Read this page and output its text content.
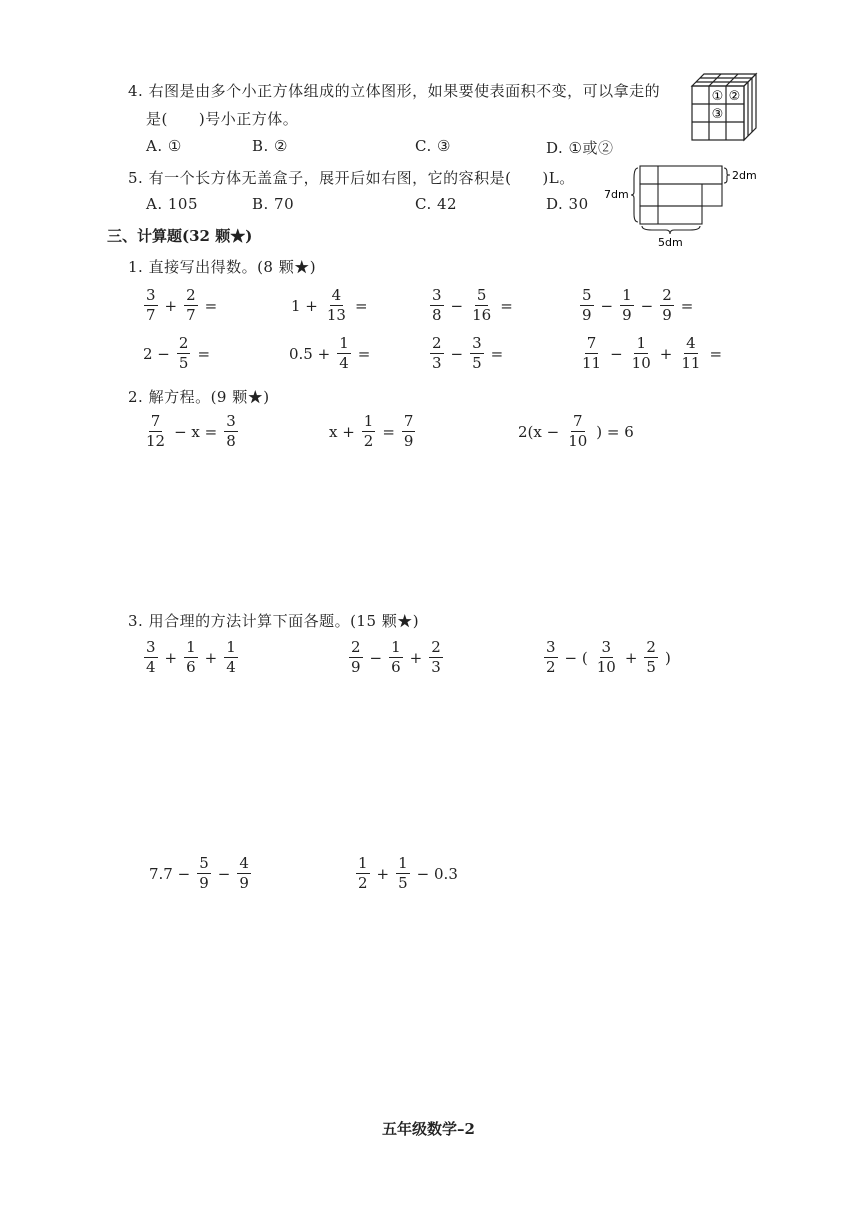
4. 右图是由多个小正方体组成的立体图形，如果要使表面积不变，可以拿走的
是(　　)号小正方体。
A. ①	B. ②	C. ③	D. ①或②
① ②
③
5. 有一个长方体无盖盒子，展开后如右图，它的容积是(　　)L。
A. 105	B. 70	C. 42	D. 30
2dm
7dm
5dm
三、计算题(32 颗★)
1. 直接写出得数。(8 颗★)
$\frac{3}{7} + \frac{2}{7}$ =	$1 + \frac{4}{13}$ =	$\frac{3}{8} - \frac{5}{16}$ =	$\frac{5}{9} - \frac{1}{9} - \frac{2}{9}$ =
$2 - \frac{2}{5}$ =	$0.5 + \frac{1}{4}$ =	$\frac{2}{3} - \frac{3}{5}$ =	$\frac{7}{11} - \frac{1}{10} + \frac{4}{11}$ =
2. 解方程。(9 颗★)
$\frac{7}{12} - x = \frac{3}{8}$	$x + \frac{1}{2} = \frac{7}{9}$	$2(x - \frac{7}{10}$ ) = 6
3. 用合理的方法计算下面各题。(15 颗★)
$\frac{3}{4} + \frac{1}{6} + \frac{1}{4}$	$\frac{2}{9} - \frac{1}{6} + \frac{2}{3}$	$\frac{3}{2}$ − ( $\frac{3}{10} + \frac{2}{5}$ )
$7.7 - \frac{5}{9} - \frac{4}{9}$	$\frac{1}{2} + \frac{1}{5} - 0.3$
五年级数学–2
